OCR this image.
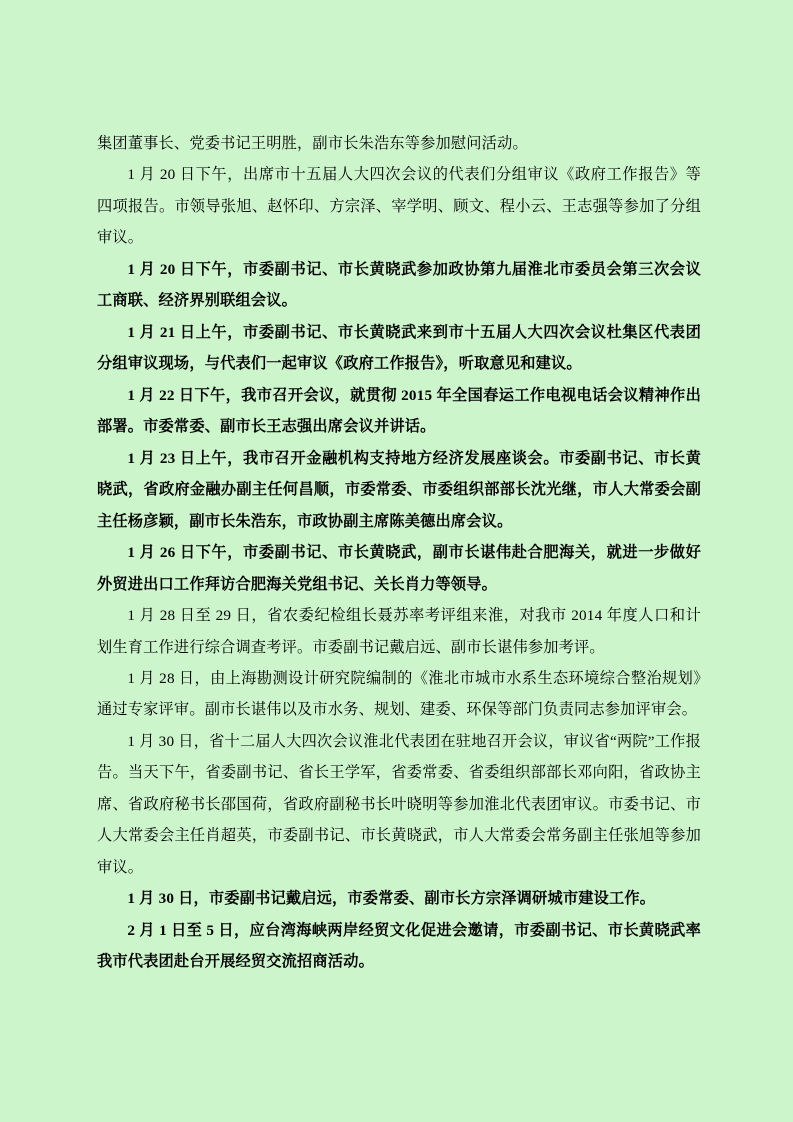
集团董事长、党委书记王明胜，副市长朱浩东等参加慰问活动。

1 月 20 日下午，出席市十五届人大四次会议的代表们分组审议《政府工作报告》等四项报告。市领导张旭、赵怀印、方宗泽、宰学明、顾文、程小云、王志强等参加了分组审议。

1 月 20 日下午，市委副书记、市长黄晓武参加政协第九届淮北市委员会第三次会议工商联、经济界别联组会议。

1 月 21 日上午，市委副书记、市长黄晓武来到市十五届人大四次会议杜集区代表团分组审议现场，与代表们一起审议《政府工作报告》，听取意见和建议。

1 月 22 日下午，我市召开会议，就贯彻 2015 年全国春运工作电视电话会议精神作出部署。市委常委、副市长王志强出席会议并讲话。

1 月 23 日上午，我市召开金融机构支持地方经济发展座谈会。市委副书记、市长黄晓武，省政府金融办副主任何昌顺，市委常委、市委组织部部长沈光继，市人大常委会副主任杨彦颖，副市长朱浩东，市政协副主席陈美德出席会议。

1 月 26 日下午，市委副书记、市长黄晓武，副市长谌伟赴合肥海关，就进一步做好外贸进出口工作拜访合肥海关党组书记、关长肖力等领导。

1 月 28 日至 29 日，省农委纪检组长聂苏率考评组来淮，对我市 2014 年度人口和计划生育工作进行综合调查考评。市委副书记戴启远、副市长谌伟参加考评。

1 月 28 日，由上海勘测设计研究院编制的《淮北市城市水系生态环境综合整治规划》通过专家评审。副市长谌伟以及市水务、规划、建委、环保等部门负责同志参加评审会。

1 月 30 日，省十二届人大四次会议淮北代表团在驻地召开会议，审议省“两院”工作报告。当天下午，省委副书记、省长王学军，省委常委、省委组织部部长邓向阳，省政协主席、省政府秘书长邵国荷，省政府副秘书长叶晓明等参加淮北代表团审议。市委书记、市人大常委会主任肖超英，市委副书记、市长黄晓武，市人大常委会常务副主任张旭等参加审议。

1 月 30 日，市委副书记戴启远，市委常委、副市长方宗泽调研城市建设工作。

2 月 1 日至 5 日，应台湾海峡两岸经贸文化促进会邀请，市委副书记、市长黄晓武率我市代表团赴台开展经贸交流招商活动。
